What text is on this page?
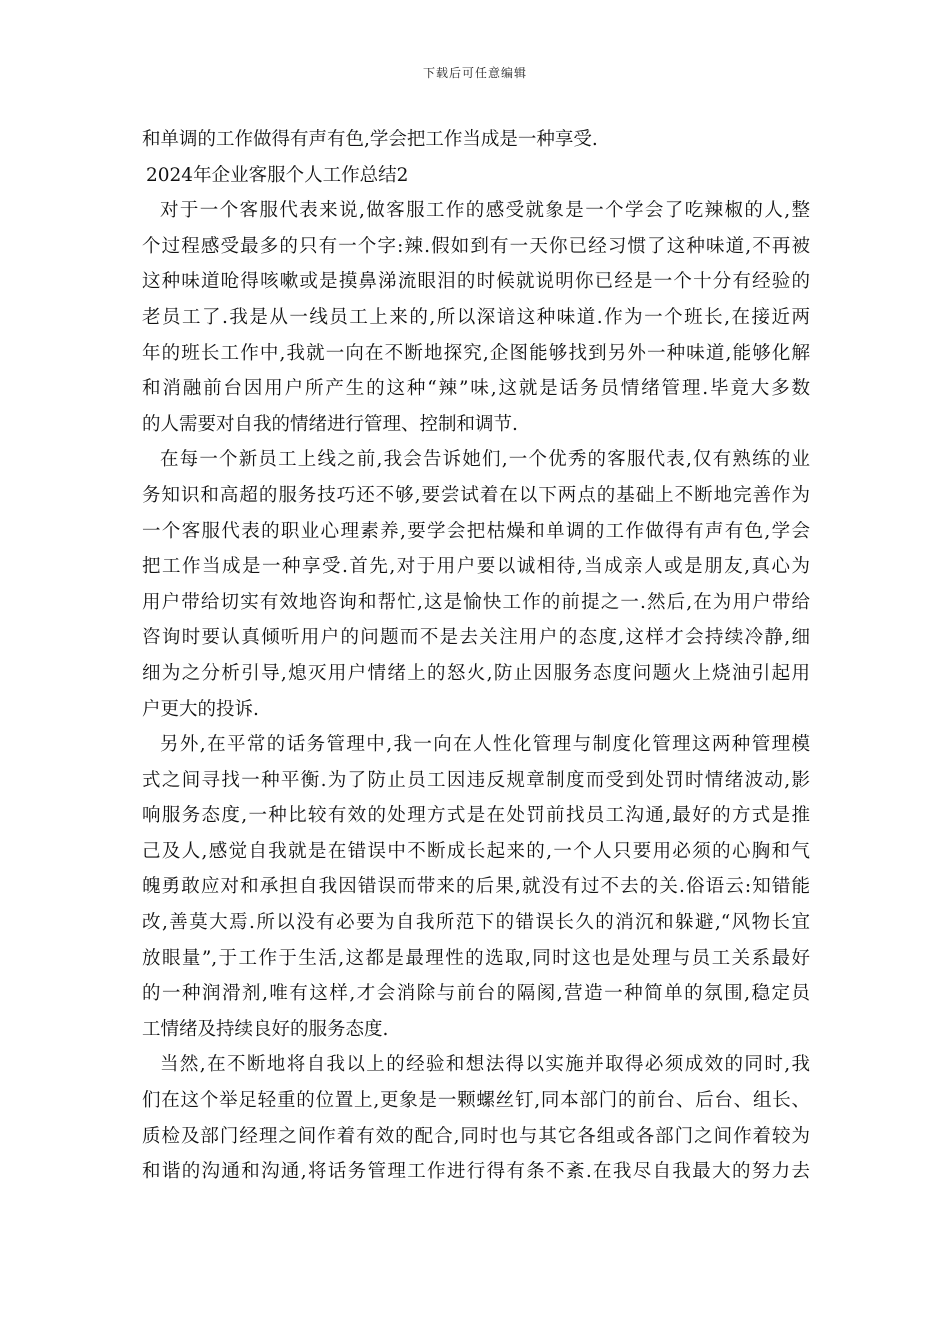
下载后可任意编辑
和单调的工作做得有声有色,学会把工作当成是一种享受.
2024年企业客服个人工作总结2
对于一个客服代表来说,做客服工作的感受就象是一个学会了吃辣椒的人,整
个过程感受最多的只有一个字:辣.假如到有一天你已经习惯了这种味道,不再被
这种味道呛得咳嗽或是摸鼻涕流眼泪的时候就说明你已经是一个十分有经验的
老员工了.我是从一线员工上来的,所以深谙这种味道.作为一个班长,在接近两
年的班长工作中,我就一向在不断地探究,企图能够找到另外一种味道,能够化解
和消融前台因用户所产生的这种“辣”味,这就是话务员情绪管理.毕竟大多数
的人需要对自我的情绪进行管理、控制和调节.
在每一个新员工上线之前,我会告诉她们,一个优秀的客服代表,仅有熟练的业
务知识和高超的服务技巧还不够,要尝试着在以下两点的基础上不断地完善作为
一个客服代表的职业心理素养,要学会把枯燥和单调的工作做得有声有色,学会
把工作当成是一种享受.首先,对于用户要以诚相待,当成亲人或是朋友,真心为
用户带给切实有效地咨询和帮忙,这是愉快工作的前提之一.然后,在为用户带给
咨询时要认真倾听用户的问题而不是去关注用户的态度,这样才会持续冷静,细
细为之分析引导,熄灭用户情绪上的怒火,防止因服务态度问题火上烧油引起用
户更大的投诉.
另外,在平常的话务管理中,我一向在人性化管理与制度化管理这两种管理模
式之间寻找一种平衡.为了防止员工因违反规章制度而受到处罚时情绪波动,影
响服务态度,一种比较有效的处理方式是在处罚前找员工沟通,最好的方式是推
己及人,感觉自我就是在错误中不断成长起来的,一个人只要用必须的心胸和气
魄勇敢应对和承担自我因错误而带来的后果,就没有过不去的关.俗语云:知错能
改,善莫大焉.所以没有必要为自我所范下的错误长久的消沉和躲避,“风物长宜
放眼量”,于工作于生活,这都是最理性的选取,同时这也是处理与员工关系最好
的一种润滑剂,唯有这样,才会消除与前台的隔阂,营造一种简单的氛围,稳定员
工情绪及持续良好的服务态度.
当然,在不断地将自我以上的经验和想法得以实施并取得必须成效的同时,我
们在这个举足轻重的位置上,更象是一颗螺丝钉,同本部门的前台、后台、组长、
质检及部门经理之间作着有效的配合,同时也与其它各组或各部门之间作着较为
和谐的沟通和沟通,将话务管理工作进行得有条不紊.在我尽自我最大的努力去
